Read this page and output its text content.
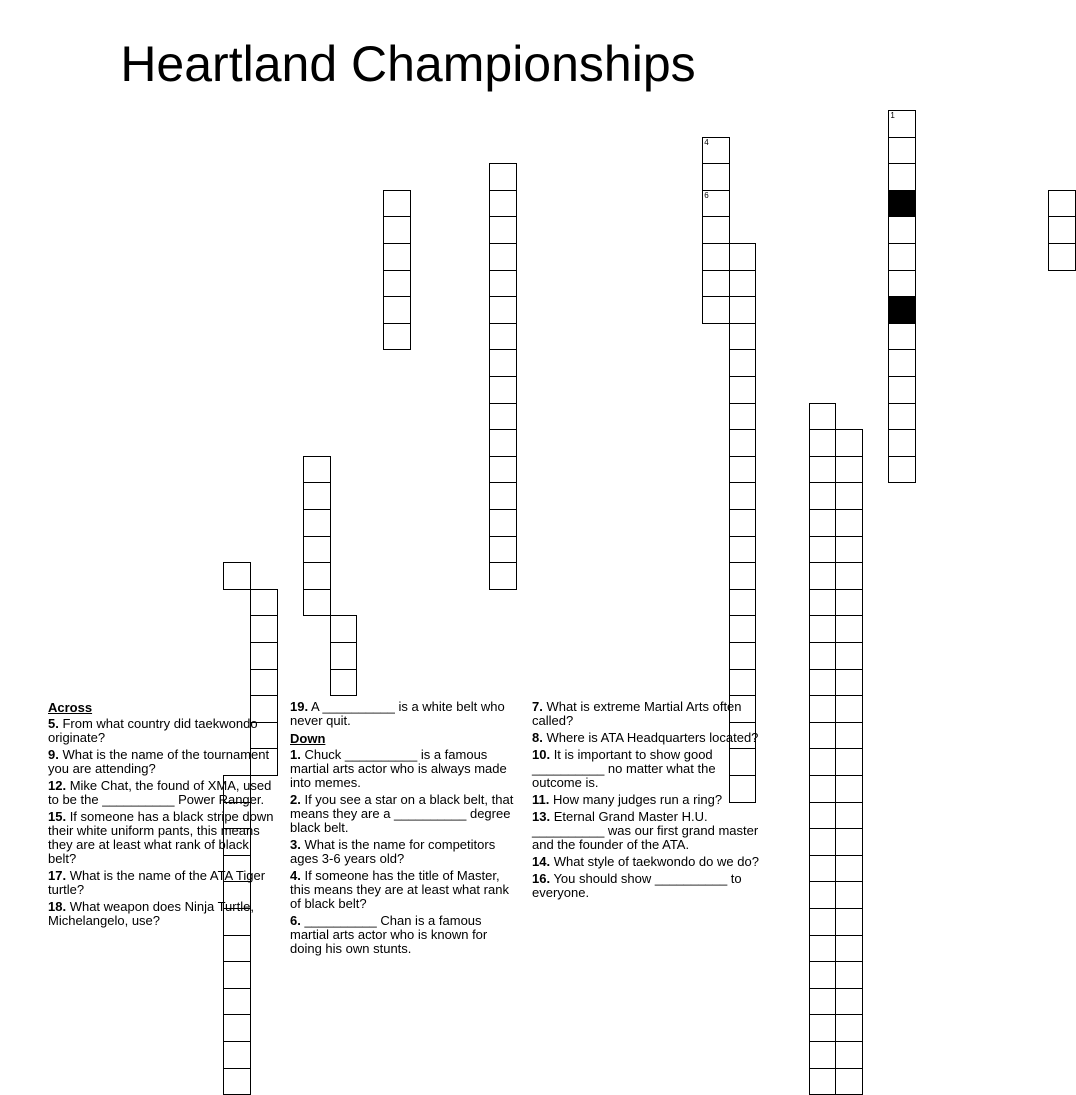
Heartland Championships
4
6
1
Across

5. From what country did taekwondo originate?

9. What is the name of the tournament you are attending?

12. Mike Chat, the found of XMA, used to be the __________ Power Ranger.

15. If someone has a black stripe down their white uniform pants, this means they are at least what rank of black belt?

17. What is the name of the ATA Tiger turtle?

18. What weapon does Ninja Turtle, Michelangelo, use?

19. A __________ is a white belt who never quit.

Down

1. Chuck __________ is a famous martial arts actor who is always made into memes.

2. If you see a star on a black belt, that means they are a __________ degree black belt.

3. What is the name for competitors ages 3-6 years old?

4. If someone has the title of Master, this means they are at least what rank of black belt?

6. __________ Chan is a famous martial arts actor who is known for doing his own stunts.

7. What is extreme Martial Arts often called?

8. Where is ATA Headquarters located?

10. It is important to show good __________ no matter what the outcome is.

11. How many judges run a ring?

13. Eternal Grand Master H.U. __________ was our first grand master and the founder of the ATA.

14. What style of taekwondo do we do?

16. You should show __________ to everyone.
